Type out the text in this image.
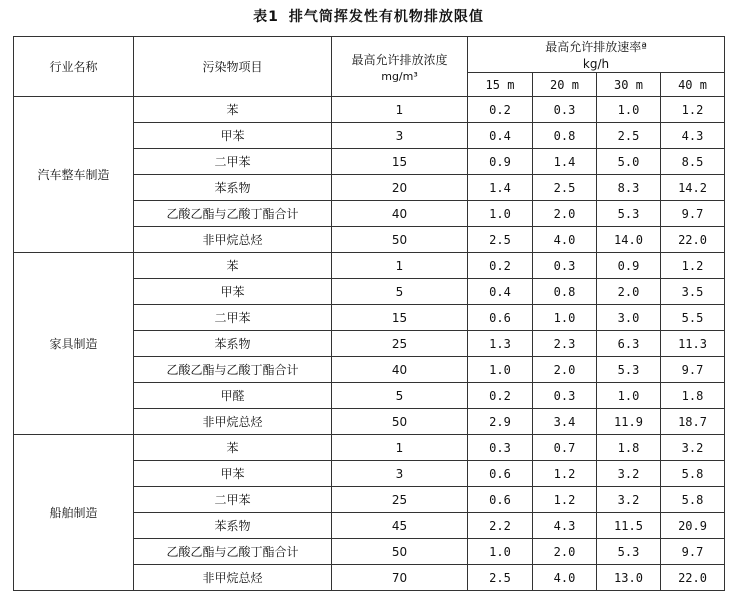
表1 排气筒挥发性有机物排放限值
行业名称	污染物项目	最高允许排放浓度
mg/m³	最高允许排放速率ª
kg/h			

			15 m	20 m	30 m	40 m
汽车整车制造	苯	1	0.2	0.3	1.0	1.2
	甲苯	3	0.4	0.8	2.5	4.3
	二甲苯	15	0.9	1.4	5.0	8.5
	苯系物	20	1.4	2.5	8.3	14.2
	乙酸乙酯与乙酸丁酯合计	40	1.0	2.0	5.3	9.7
	非甲烷总烃	50	2.5	4.0	14.0	22.0
家具制造	苯	1	0.2	0.3	0.9	1.2
	甲苯	5	0.4	0.8	2.0	3.5
	二甲苯	15	0.6	1.0	3.0	5.5
	苯系物	25	1.3	2.3	6.3	11.3
	乙酸乙酯与乙酸丁酯合计	40	1.0	2.0	5.3	9.7
	甲醛	5	0.2	0.3	1.0	1.8
	非甲烷总烃	50	2.9	3.4	11.9	18.7
船舶制造	苯	1	0.3	0.7	1.8	3.2
	甲苯	3	0.6	1.2	3.2	5.8
	二甲苯	25	0.6	1.2	3.2	5.8
	苯系物	45	2.2	4.3	11.5	20.9
	乙酸乙酯与乙酸丁酯合计	50	1.0	2.0	5.3	9.7
	非甲烷总烃	70	2.5	4.0	13.0	22.0
